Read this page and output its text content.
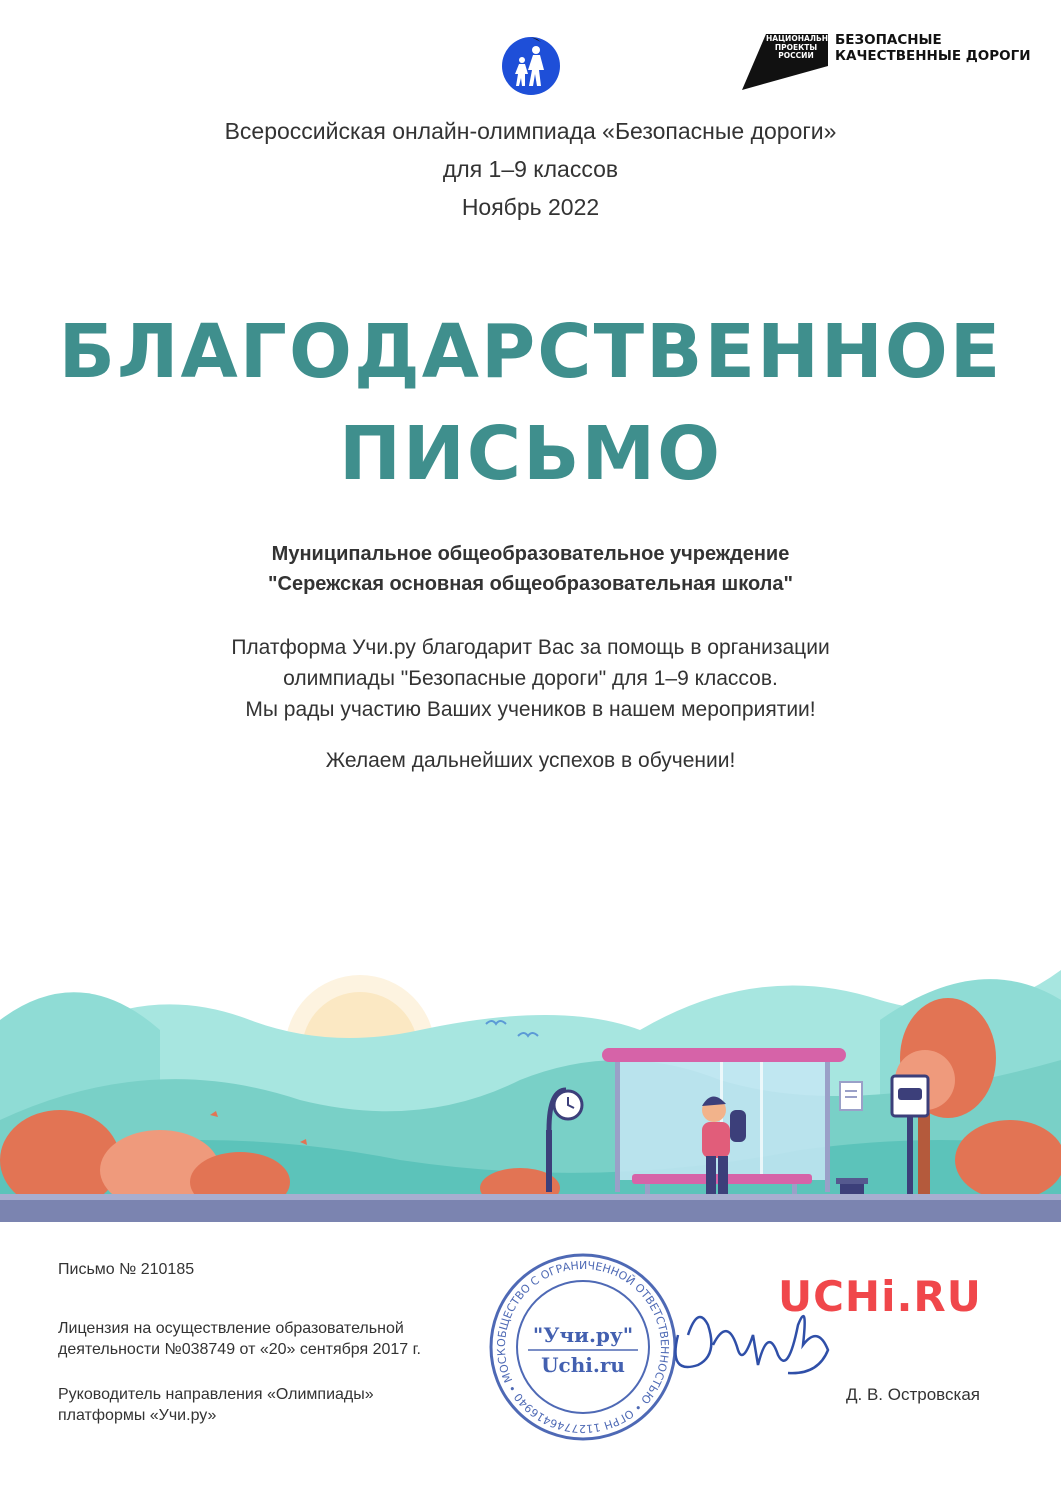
НАЦИОНАЛЬНЫЕ ПРОЕКТЫ РОССИИ
БЕЗОПАСНЫЕ
КАЧЕСТВЕННЫЕ ДОРОГИ
Всероссийская онлайн-олимпиада «Безопасные дороги»
для 1–9 классов
Ноябрь 2022
БЛАГОДАРСТВЕННОЕ
ПИСЬМО
Муниципальное общеобразовательное учреждение
"Сережская основная общеобразовательная школа"
Платформа Учи.ру благодарит Вас за помощь в организации
олимпиады "Безопасные дороги" для 1–9 классов.
Мы рады участию Ваших учеников в нашем мероприятии!
Желаем дальнейших успехов в обучении!
Письмо № 210185
Лицензия на осуществление образовательной
деятельности №038749 от «20» сентября 2017 г.
Руководитель направления «Олимпиады»
платформы «Учи.ру»
ОБЩЕСТВО С ОГРАНИЧЕННОЙ ОТВЕТСТВЕННОСТЬЮ • ОГРН 1127746416940 • МОСК
"Учи.ру"
Uchi.ru
UCHi.RU
Д. В. Островская
